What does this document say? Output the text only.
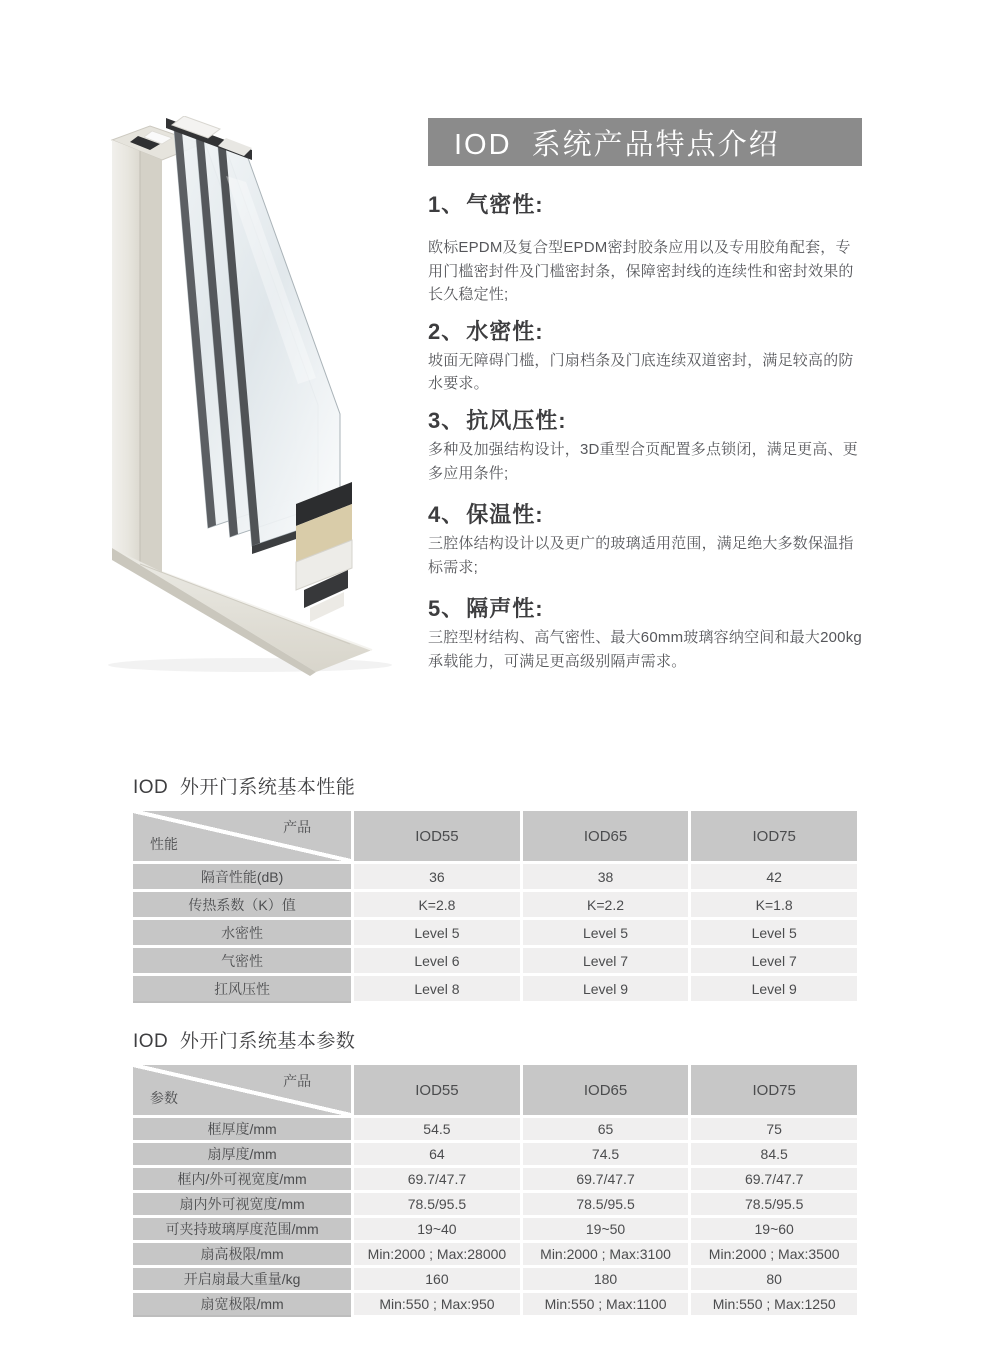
IOD  系统产品特点介绍
1、气密性:

欧标EPDM及复合型EPDM密封胶条应用以及专用胶角配套，专用门槛密封件及门槛密封条，保障密封线的连续性和密封效果的长久稳定性;

2、水密性:

坡面无障碍门槛，门扇档条及门底连续双道密封，满足较高的防水要求。

3、抗风压性:

多种及加强结构设计，3D重型合页配置多点锁闭，满足更高、更多应用条件;

4、保温性:

三腔体结构设计以及更广的玻璃适用范围，满足绝大多数保温指标需求;

5、隔声性:

三腔型材结构、高气密性、最大60mm玻璃容纳空间和最大200kg承载能力，可满足更高级别隔声需求。

IOD  外开门系统基本性能
产品
性能	IOD55	IOD65	IOD75
隔音性能(dB)	36	38	42
传热系数（K）值	K=2.8	K=2.2	K=1.8
水密性	Level 5	Level 5	Level 5
气密性	Level 6	Level 7	Level 7
扛风压性	Level 8	Level 9	Level 9
IOD  外开门系统基本参数
产品
参数	IOD55	IOD65	IOD75
框厚度/mm	54.5	65	75
扇厚度/mm	64	74.5	84.5
框内/外可视宽度/mm	69.7/47.7	69.7/47.7	69.7/47.7
扇内外可视宽度/mm	78.5/95.5	78.5/95.5	78.5/95.5
可夹持玻璃厚度范围/mm	19~40	19~50	19~60
扇高极限/mm	Min:2000 ; Max:28000	Min:2000 ; Max:3100	Min:2000 ; Max:3500
开启扇最大重量/kg	160	180	80
扇宽极限/mm	Min:550 ; Max:950	Min:550 ; Max:1100	Min:550 ; Max:1250
